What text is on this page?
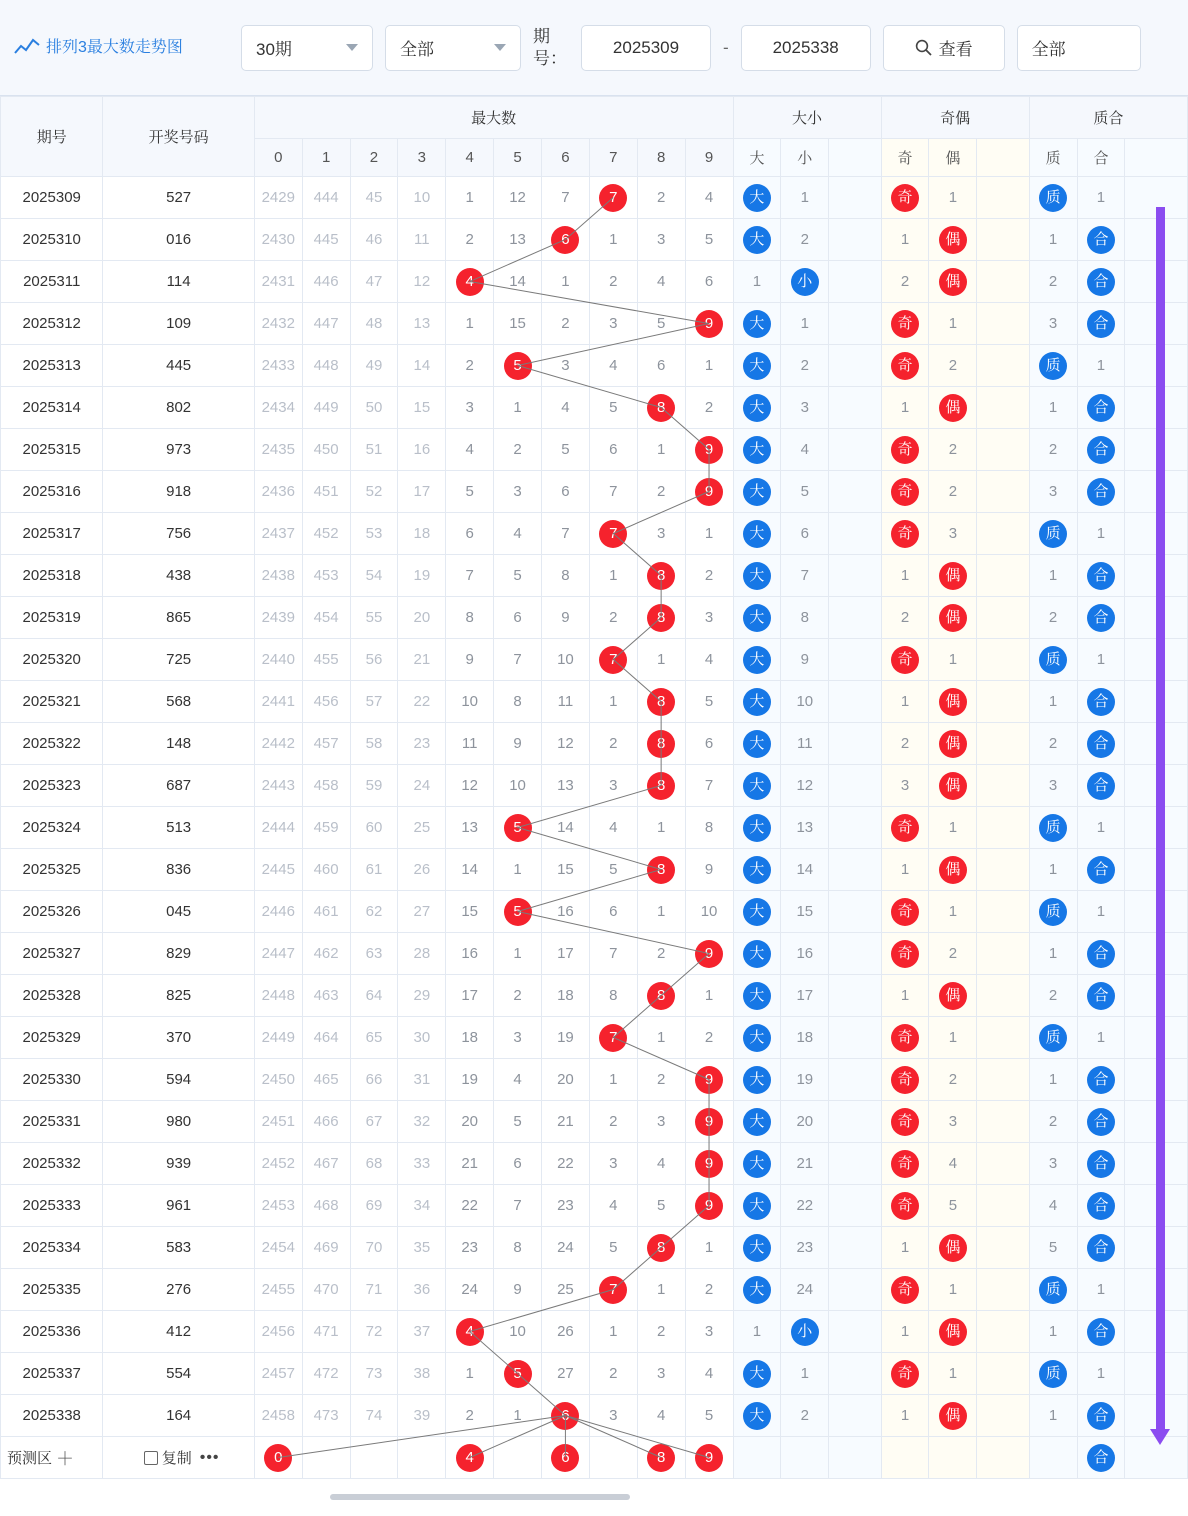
排列3最大数走势图	30期	全部
期号：
2025309	-	2025338	查看	全部
期号	开奖号码	最大数										大小			奇偶			质合		
		0	1	2	3	4	5	6	7	8	9	大	小		奇	偶		质	合	
2025309	527	2429	444	45	10	1	12	7	7	2	4	大	1		奇	1		质	1	
2025310	016	2430	445	46	11	2	13	6	1	3	5	大	2		1	偶		1	合	
2025311	114	2431	446	47	12	4	14	1	2	4	6	1	小		2	偶		2	合	
2025312	109	2432	447	48	13	1	15	2	3	5	9	大	1		奇	1		3	合	
2025313	445	2433	448	49	14	2	5	3	4	6	1	大	2		奇	2		质	1	
2025314	802	2434	449	50	15	3	1	4	5	8	2	大	3		1	偶		1	合	
2025315	973	2435	450	51	16	4	2	5	6	1	9	大	4		奇	2		2	合	
2025316	918	2436	451	52	17	5	3	6	7	2	9	大	5		奇	2		3	合	
2025317	756	2437	452	53	18	6	4	7	7	3	1	大	6		奇	3		质	1	
2025318	438	2438	453	54	19	7	5	8	1	8	2	大	7		1	偶		1	合	
2025319	865	2439	454	55	20	8	6	9	2	8	3	大	8		2	偶		2	合	
2025320	725	2440	455	56	21	9	7	10	7	1	4	大	9		奇	1		质	1	
2025321	568	2441	456	57	22	10	8	11	1	8	5	大	10		1	偶		1	合	
2025322	148	2442	457	58	23	11	9	12	2	8	6	大	11		2	偶		2	合	
2025323	687	2443	458	59	24	12	10	13	3	8	7	大	12		3	偶		3	合	
2025324	513	2444	459	60	25	13	5	14	4	1	8	大	13		奇	1		质	1	
2025325	836	2445	460	61	26	14	1	15	5	8	9	大	14		1	偶		1	合	
2025326	045	2446	461	62	27	15	5	16	6	1	10	大	15		奇	1		质	1	
2025327	829	2447	462	63	28	16	1	17	7	2	9	大	16		奇	2		1	合	
2025328	825	2448	463	64	29	17	2	18	8	8	1	大	17		1	偶		2	合	
2025329	370	2449	464	65	30	18	3	19	7	1	2	大	18		奇	1		质	1	
2025330	594	2450	465	66	31	19	4	20	1	2	9	大	19		奇	2		1	合	
2025331	980	2451	466	67	32	20	5	21	2	3	9	大	20		奇	3		2	合	
2025332	939	2452	467	68	33	21	6	22	3	4	9	大	21		奇	4		3	合	
2025333	961	2453	468	69	34	22	7	23	4	5	9	大	22		奇	5		4	合	
2025334	583	2454	469	70	35	23	8	24	5	8	1	大	23		1	偶		5	合	
2025335	276	2455	470	71	36	24	9	25	7	1	2	大	24		奇	1		质	1	
2025336	412	2456	471	72	37	4	10	26	1	2	3	1	小		1	偶		1	合	
2025337	554	2457	472	73	38	1	5	27	2	3	4	大	1		奇	1		质	1	
2025338	164	2458	473	74	39	2	1	6	3	4	5	大	2		1	偶		1	合	

预测区 ＋	复制 •••	0				4		6		8	9								合	
